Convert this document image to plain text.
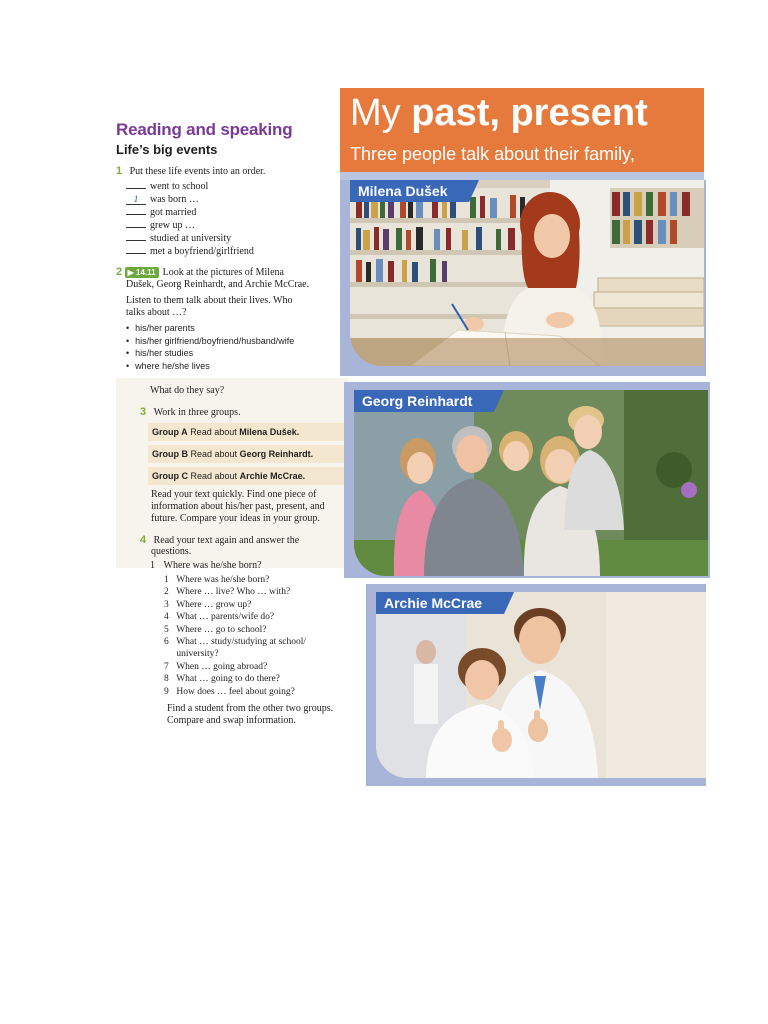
Reading and speaking
Life’s big events
1 Put these life events into an order.
went to school
1 was born …
got married
grew up …
studied at university
met a boyfriend/girlfriend
2 ▶ 14.11 Look at the pictures of Milena
Dušek, Georg Reinhardt, and Archie McCrae.
Listen to them talk about their lives. Who
talks about …?
• his/her parents
• his/her girlfriend/boyfriend/husband/wife
• his/her studies
• where he/she lives
What do they say?
3 Work in three groups.
Group A Read about Milena Dušek.
Group B Read about Georg Reinhardt.
Group C Read about Archie McCrae.
Read your text quickly. Find one piece of
information about his/her past, present, and
future. Compare your ideas in your group.
4 Read your text again and answer the
questions.
1 Where was he/she born?
1 Where was he/she born?
2 Where … live? Who … with?
3 Where … grow up?
4 What … parents/wife do?
5 Where … go to school?
6 What … study/studying at school/
university?
7 When … going abroad?
8 What … going to do there?
9 How does … feel about going?
Find a student from the other two groups.
Compare and swap information.
My past, present

Three people talk about their family,

Milena Dušek
Georg Reinhardt
Archie McCrae
